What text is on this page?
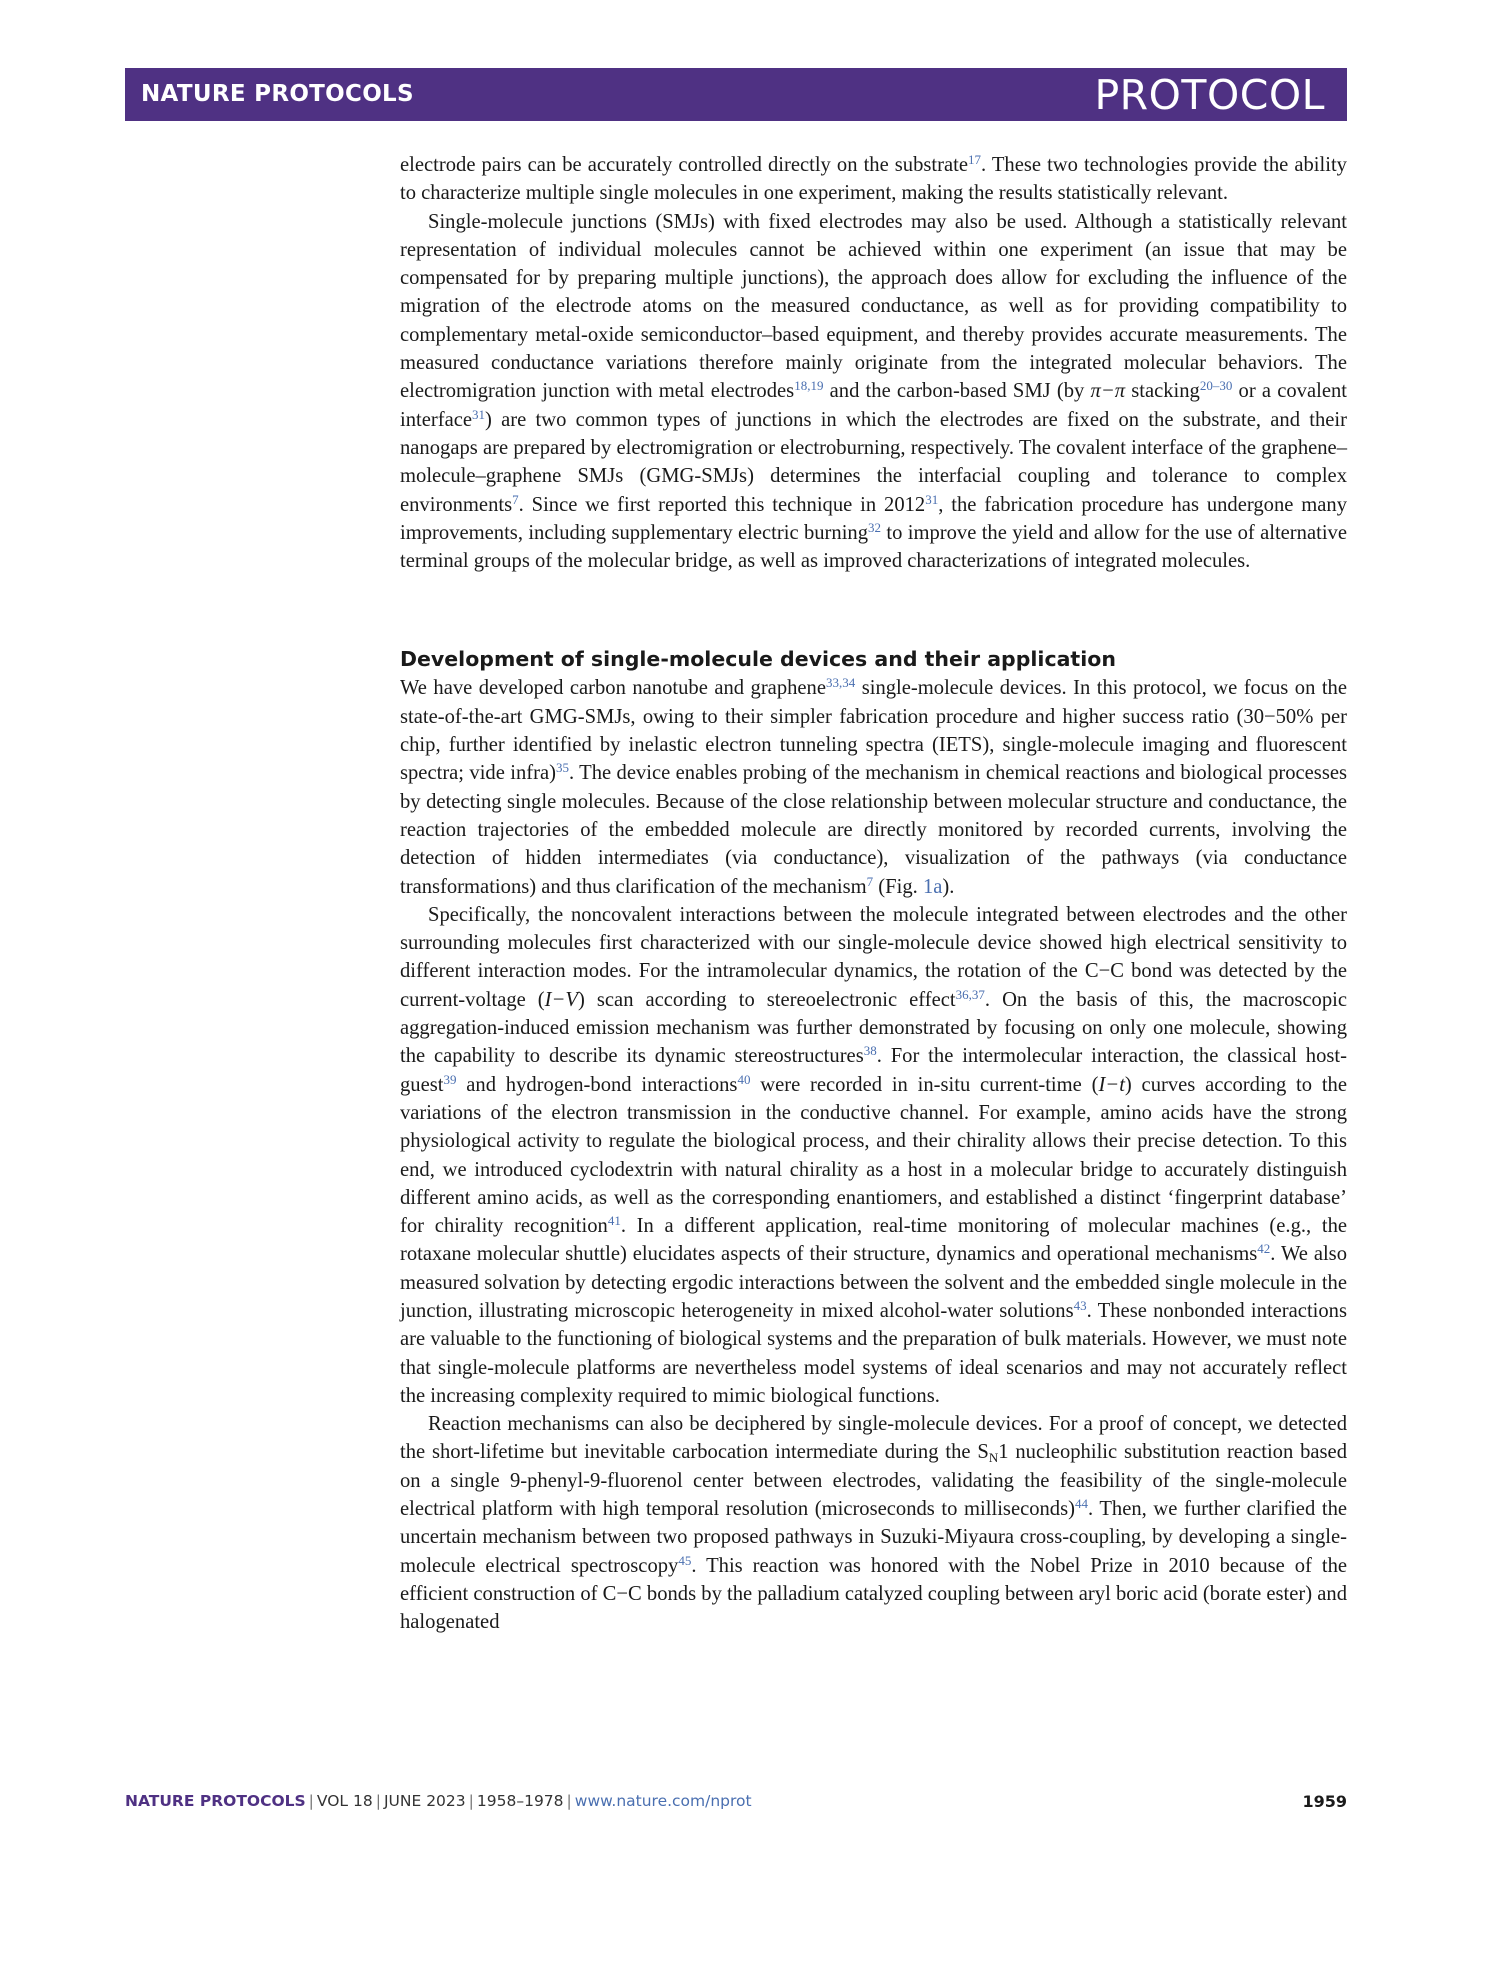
NATURE PROTOCOLS	PROTOCOL

electrode pairs can be accurately controlled directly on the substrate$^{17}$. These two technologies provide the ability to characterize multiple single molecules in one experiment, making the results statistically relevant.

Single-molecule junctions (SMJs) with fixed electrodes may also be used. Although a statistically relevant representation of individual molecules cannot be achieved within one experiment (an issue that may be compensated for by preparing multiple junctions), the approach does allow for excluding the influence of the migration of the electrode atoms on the measured conductance, as well as for providing compatibility to complementary metal-oxide semiconductor–based equipment, and thereby provides accurate measurements. The measured conductance variations therefore mainly originate from the integrated molecular behaviors. The electromigration junction with metal electrodes$^{18,19}$ and the carbon-based SMJ (by π−π stacking$^{20-30}$ or a covalent interface$^{31}$) are two common types of junctions in which the electrodes are fixed on the substrate, and their nanogaps are prepared by electromigration or electroburning, respectively. The covalent interface of the graphene–molecule–graphene SMJs (GMG-SMJs) determines the interfacial coupling and tolerance to complex environments$^7$. Since we first reported this technique in 2012$^{31}$, the fabrication procedure has undergone many improvements, including supplementary electric burning$^{32}$ to improve the yield and allow for the use of alternative terminal groups of the molecular bridge, as well as improved characterizations of integrated molecules.

Development of single-molecule devices and their application

We have developed carbon nanotube and graphene$^{33,34}$ single-molecule devices. In this protocol, we focus on the state-of-the-art GMG-SMJs, owing to their simpler fabrication procedure and higher success ratio (30−50% per chip, further identified by inelastic electron tunneling spectra (IETS), single-molecule imaging and fluorescent spectra; vide infra)$^{35}$. The device enables probing of the mechanism in chemical reactions and biological processes by detecting single molecules. Because of the close relationship between molecular structure and conductance, the reaction trajectories of the embedded molecule are directly monitored by recorded currents, involving the detection of hidden intermediates (via conductance), visualization of the pathways (via conductance transformations) and thus clarification of the mechanism$^7$ (Fig. 1a).

Specifically, the noncovalent interactions between the molecule integrated between electrodes and the other surrounding molecules first characterized with our single-molecule device showed high electrical sensitivity to different interaction modes. For the intramolecular dynamics, the rotation of the C−C bond was detected by the current-voltage (I−V) scan according to stereoelectronic effect$^{36,37}$. On the basis of this, the macroscopic aggregation-induced emission mechanism was further demonstrated by focusing on only one molecule, showing the capability to describe its dynamic stereostructures$^{38}$. For the intermolecular interaction, the classical host-guest$^{39}$ and hydrogen-bond interactions$^{40}$ were recorded in in-situ current-time (I−t) curves according to the variations of the electron transmission in the conductive channel. For example, amino acids have the strong physiological activity to regulate the biological process, and their chirality allows their precise detection. To this end, we introduced cyclodextrin with natural chirality as a host in a molecular bridge to accurately distinguish different amino acids, as well as the corresponding enantiomers, and established a distinct ‘fingerprint database’ for chirality recognition$^{41}$. In a different application, real-time monitoring of molecular machines (e.g., the rotaxane molecular shuttle) elucidates aspects of their structure, dynamics and operational mechanisms$^{42}$. We also measured solvation by detecting ergodic interactions between the solvent and the embedded single molecule in the junction, illustrating microscopic heterogeneity in mixed alcohol-water solutions$^{43}$. These nonbonded interactions are valuable to the functioning of biological systems and the preparation of bulk materials. However, we must note that single-molecule platforms are nevertheless model systems of ideal scenarios and may not accurately reflect the increasing complexity required to mimic biological functions.

Reaction mechanisms can also be deciphered by single-molecule devices. For a proof of concept, we detected the short-lifetime but inevitable carbocation intermediate during the $S_N1$ nucleophilic substitution reaction based on a single 9-phenyl-9-fluorenol center between electrodes, validating the feasibility of the single-molecule electrical platform with high temporal resolution (microseconds to milliseconds)$^{44}$. Then, we further clarified the uncertain mechanism between two proposed pathways in Suzuki-Miyaura cross-coupling, by developing a single-molecule electrical spectroscopy$^{45}$. This reaction was honored with the Nobel Prize in 2010 because of the efficient construction of C−C bonds by the palladium catalyzed coupling between aryl boric acid (borate ester) and halogenated

NATURE PROTOCOLS | VOL 18 | JUNE 2023 | 1958–1978 | www.nature.com/nprot	1959
